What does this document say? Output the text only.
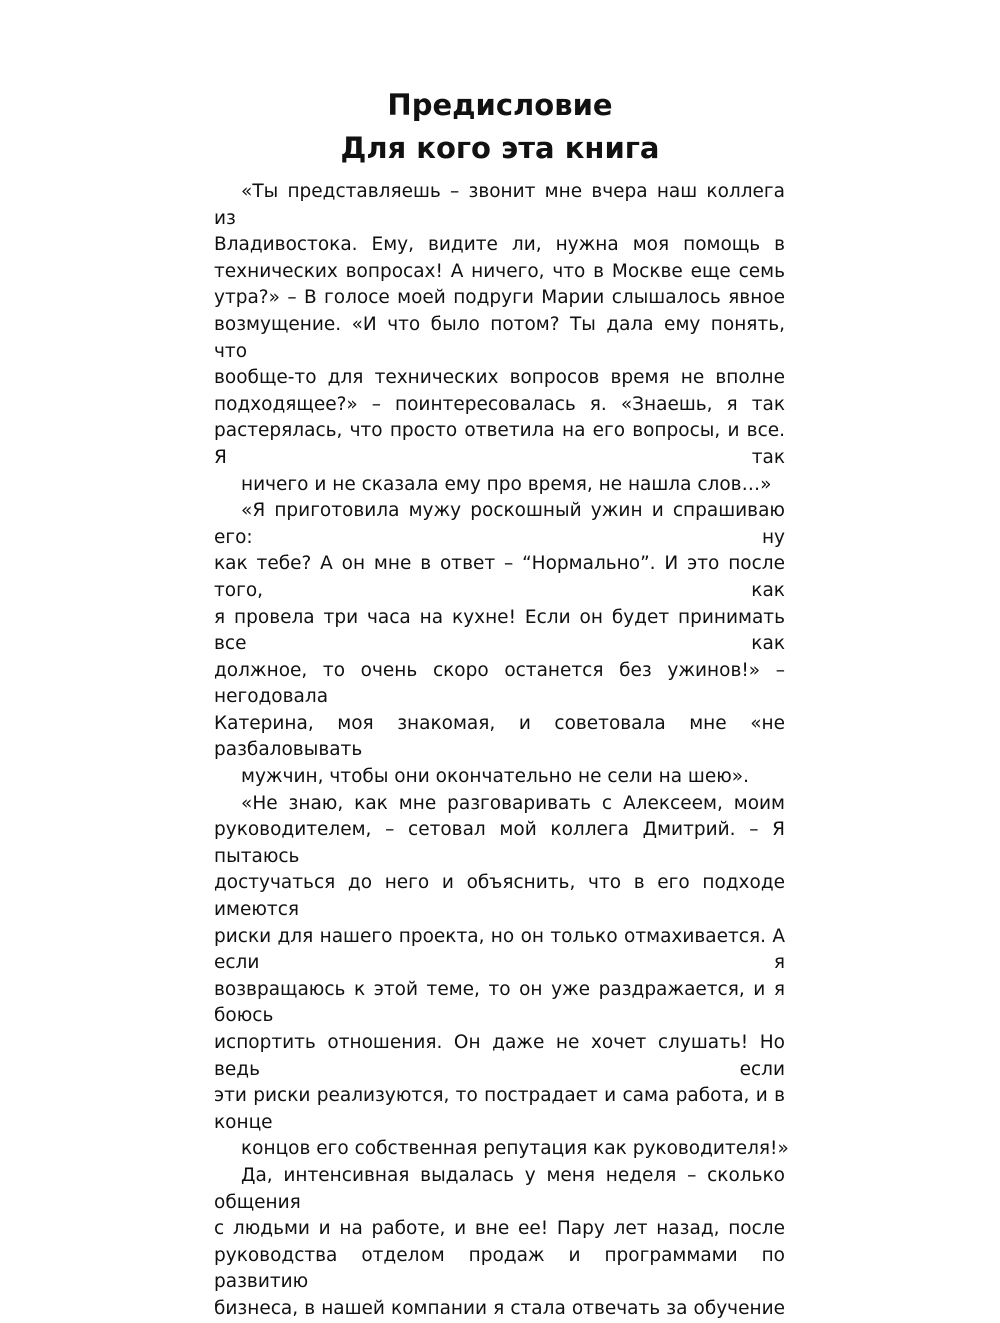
Предисловие
Для кого эта книга
«Ты представляешь – звонит мне вчера наш коллега из
Владивостока. Ему, видите ли, нужна моя помощь в
технических вопросах! А ничего, что в Москве еще семь
утра?» – В голосе моей подруги Марии слышалось явное
возмущение. «И что было потом? Ты дала ему понять, что
вообще-то для технических вопросов время не вполне
подходящее?» – поинтересовалась я. «Знаешь, я так
растерялась, что просто ответила на его вопросы, и все. Я так
ничего и не сказала ему про время, не нашла слов…»
«Я приготовила мужу роскошный ужин и спрашиваю его: ну
как тебе? А он мне в ответ – “Нормально”. И это после того, как
я провела три часа на кухне! Если он будет принимать все как
должное, то очень скоро останется без ужинов!» – негодовала
Катерина, моя знакомая, и советовала мне «не разбаловывать
мужчин, чтобы они окончательно не сели на шею».
«Не знаю, как мне разговаривать с Алексеем, моим
руководителем, – сетовал мой коллега Дмитрий. – Я пытаюсь
достучаться до него и объяснить, что в его подходе имеются
риски для нашего проекта, но он только отмахивается. А если я
возвращаюсь к этой теме, то он уже раздражается, и я боюсь
испортить отношения. Он даже не хочет слушать! Но ведь если
эти риски реализуются, то пострадает и сама работа, и в конце
концов его собственная репутация как руководителя!»
Да, интенсивная выдалась у меня неделя – сколько общения
с людьми и на работе, и вне ее! Пару лет назад, после
руководства отделом продаж и программами по развитию
бизнеса, в нашей компании я стала отвечать за обучение
